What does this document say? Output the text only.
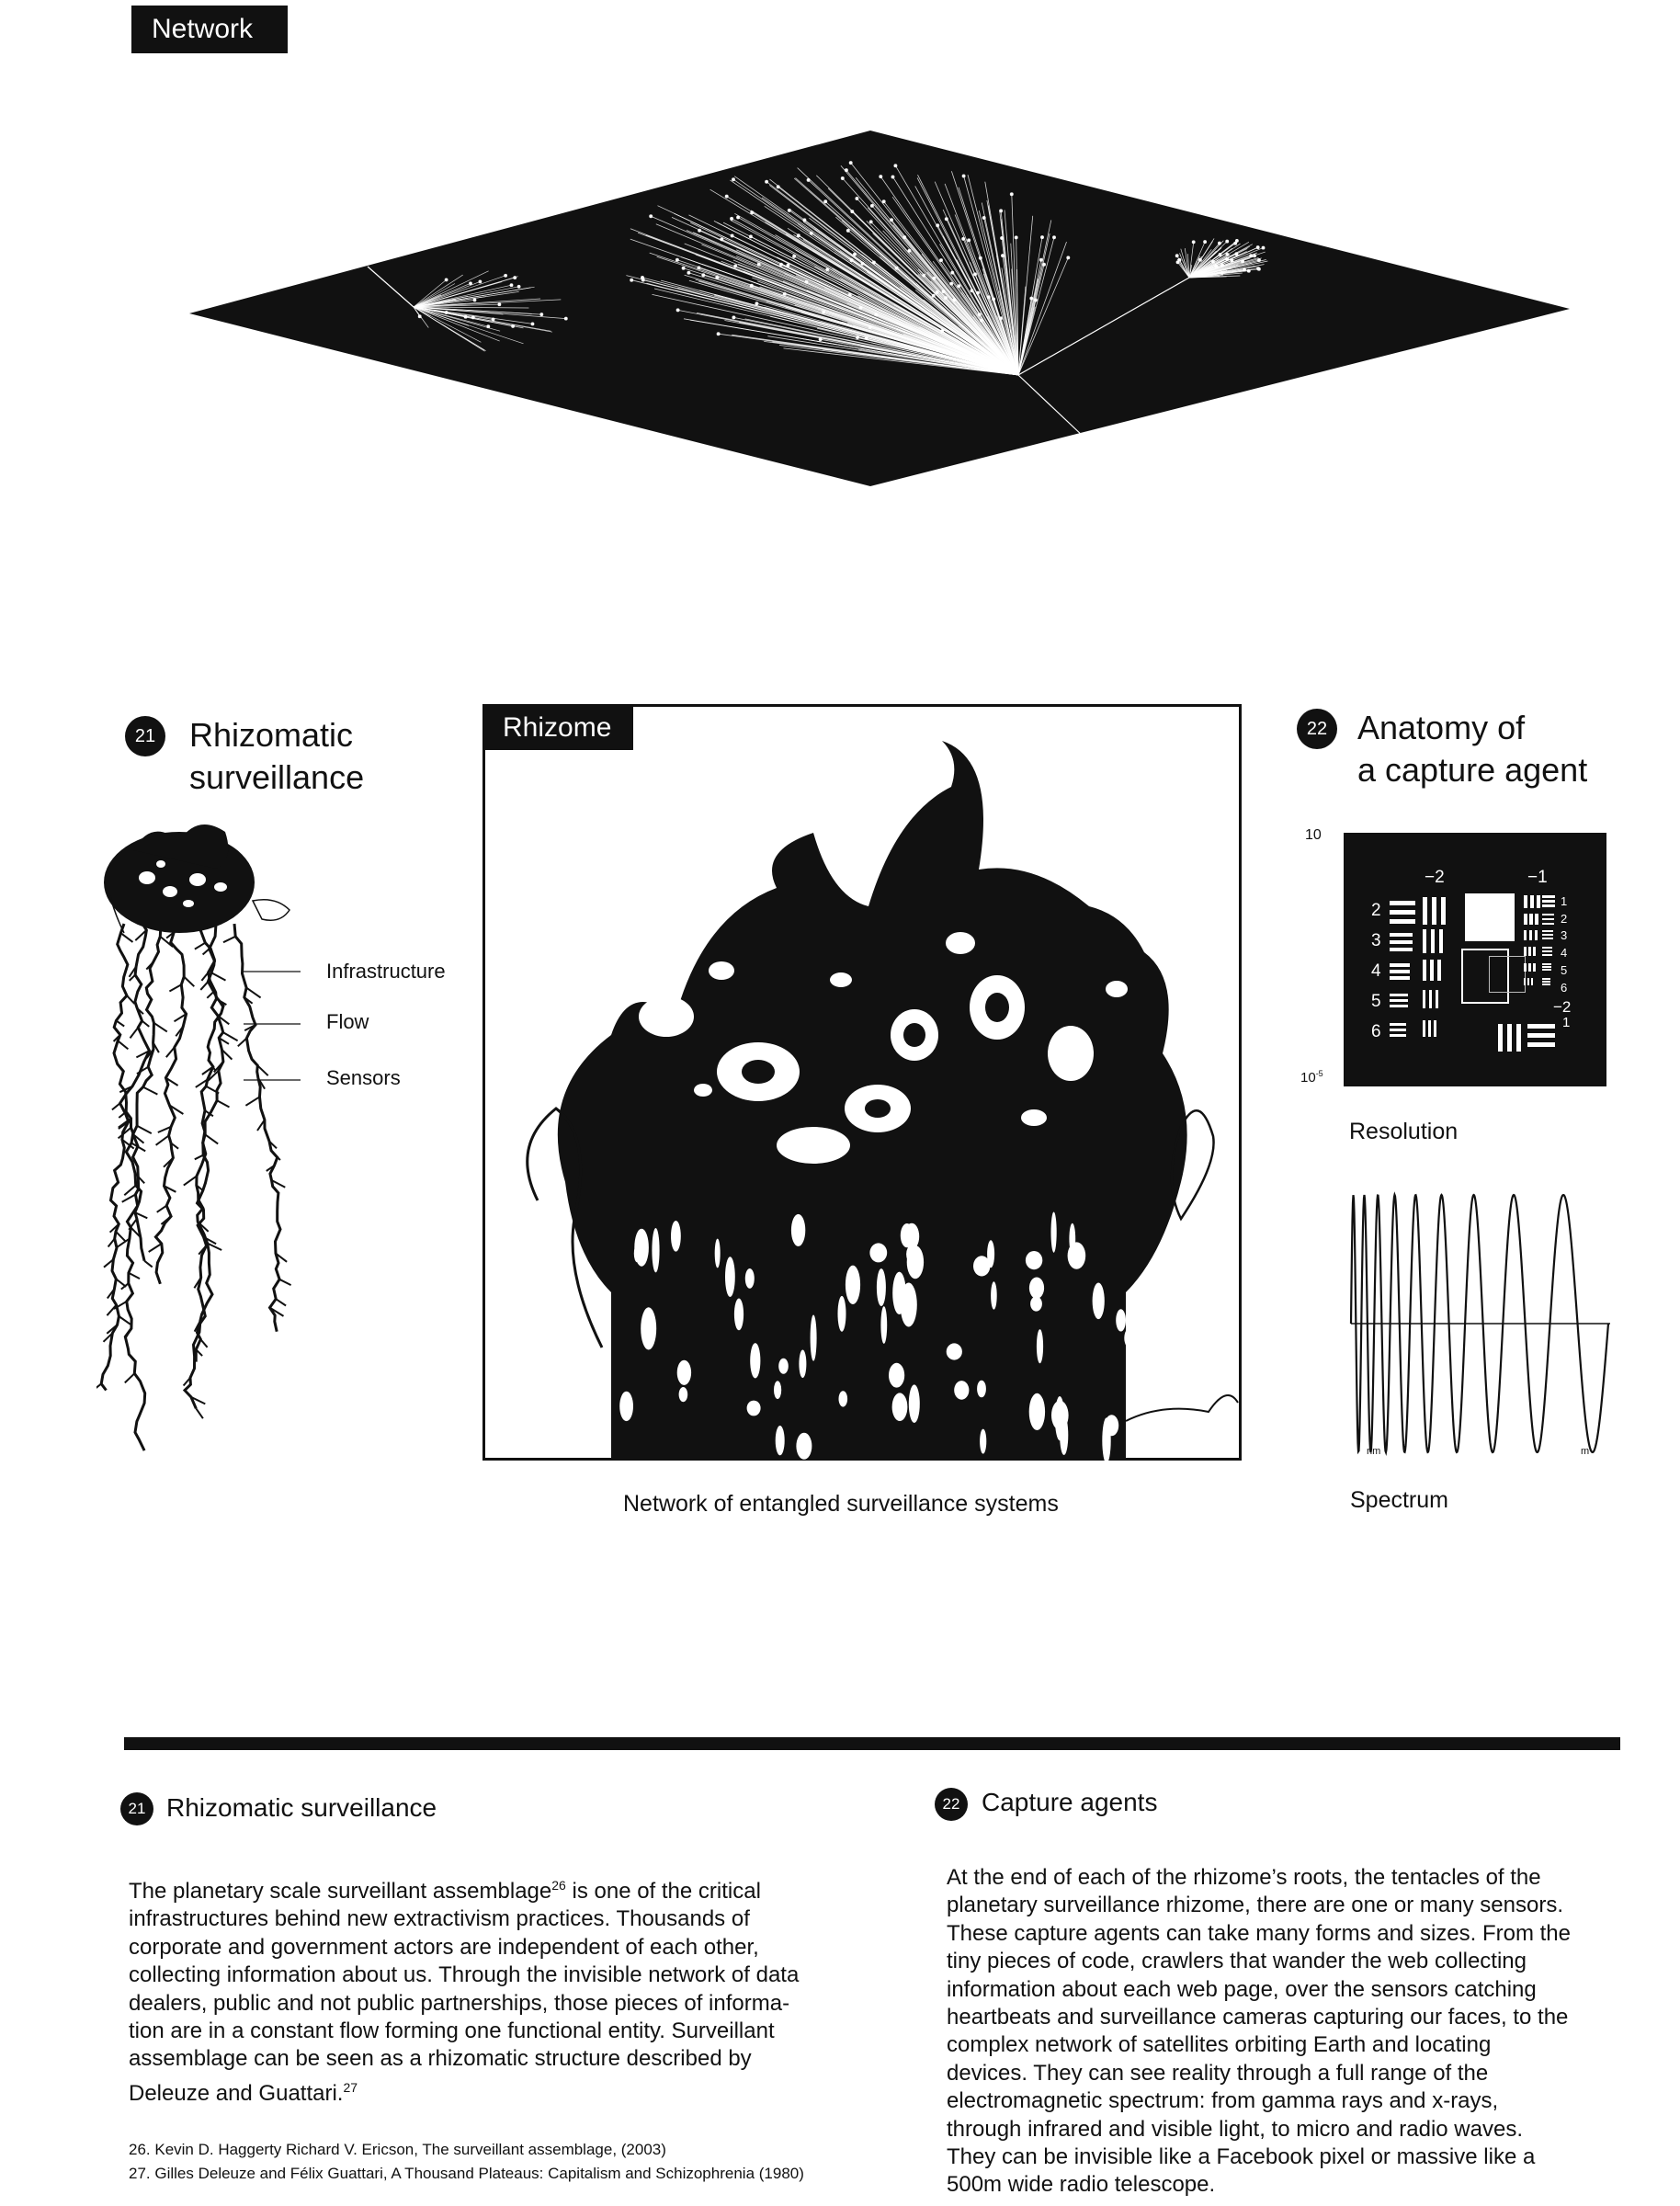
Network
21	Rhizomatic
surveillance
Infrastructure
Flow
Sensors
Rhizome
Network of entangled surveillance systems
22 Anatomy of
a capture agent
10
$10^{-5}$
−2	−1
2
3
4
5
6
1
2
3
4
5
6
−2
1
Resolution
nm	m
Spectrum
21 Rhizomatic surveillance
The planetary scale surveillant assemblage$^{26}$ is one of the critical
infrastructures behind new extractivism practices. Thousands of
corporate and government actors are independent of each other,
collecting information about us. Through the invisible network of data
dealers, public and not public partnerships, those pieces of informa-
tion are in a constant flow forming one functional entity. Surveillant
assemblage can be seen as a rhizomatic structure described by
Deleuze and Guattari.$^{27}$
26. Kevin D. Haggerty Richard V. Ericson, The surveillant assemblage, (2003)
27. Gilles Deleuze and Félix Guattari, A Thousand Plateaus: Capitalism and Schizophrenia (1980)
22 Capture agents
At the end of each of the rhizome’s roots, the tentacles of the
planetary surveillance rhizome, there are one or many sensors.
These capture agents can take many forms and sizes. From the
tiny pieces of code, crawlers that wander the web collecting
information about each web page, over the sensors catching
heartbeats and surveillance cameras capturing our faces, to the
complex network of satellites orbiting Earth and locating
devices. They can see reality through a full range of the
electromagnetic spectrum: from gamma rays and x-rays,
through infrared and visible light, to micro and radio waves.
They can be invisible like a Facebook pixel or massive like a
500m wide radio telescope.
